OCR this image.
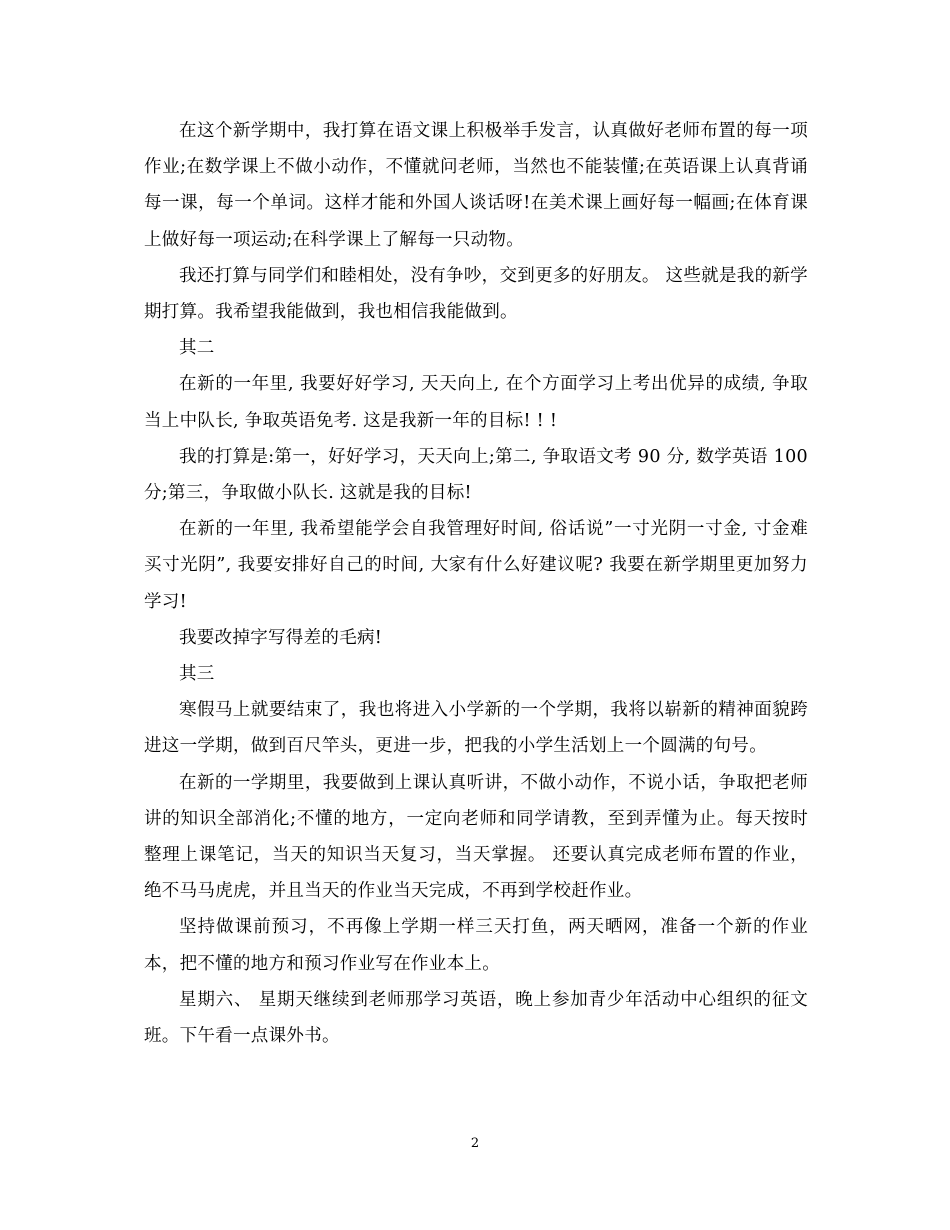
在这个新学期中，我打算在语文课上积极举手发言，认真做好老师布置的每一项作业;在数学课上不做小动作，不懂就问老师，当然也不能装懂;在英语课上认真背诵每一课，每一个单词。这样才能和外国人谈话呀!在美术课上画好每一幅画;在体育课上做好每一项运动;在科学课上了解每一只动物。

我还打算与同学们和睦相处，没有争吵，交到更多的好朋友。 这些就是我的新学期打算。我希望我能做到，我也相信我能做到。

其二

在新的一年里, 我要好好学习, 天天向上, 在个方面学习上考出优异的成绩, 争取当上中队长, 争取英语免考. 这是我新一年的目标! ! !

我的打算是:第一，好好学习，天天向上;第二, 争取语文考 90 分, 数学英语 100 分;第三，争取做小队长. 这就是我的目标!

在新的一年里, 我希望能学会自我管理好时间, 俗话说”一寸光阴一寸金, 寸金难买寸光阴”, 我要安排好自己的时间, 大家有什么好建议呢? 我要在新学期里更加努力学习!

我要改掉字写得差的毛病!

其三

寒假马上就要结束了，我也将进入小学新的一个学期，我将以崭新的精神面貌跨进这一学期，做到百尺竿头，更进一步，把我的小学生活划上一个圆满的句号。

在新的一学期里，我要做到上课认真听讲，不做小动作，不说小话，争取把老师讲的知识全部消化;不懂的地方，一定向老师和同学请教，至到弄懂为止。每天按时整理上课笔记，当天的知识当天复习，当天掌握。 还要认真完成老师布置的作业，绝不马马虎虎，并且当天的作业当天完成，不再到学校赶作业。

坚持做课前预习，不再像上学期一样三天打鱼，两天晒网，准备一个新的作业本，把不懂的地方和预习作业写在作业本上。

星期六、 星期天继续到老师那学习英语，晚上参加青少年活动中心组织的征文班。下午看一点课外书。

2
